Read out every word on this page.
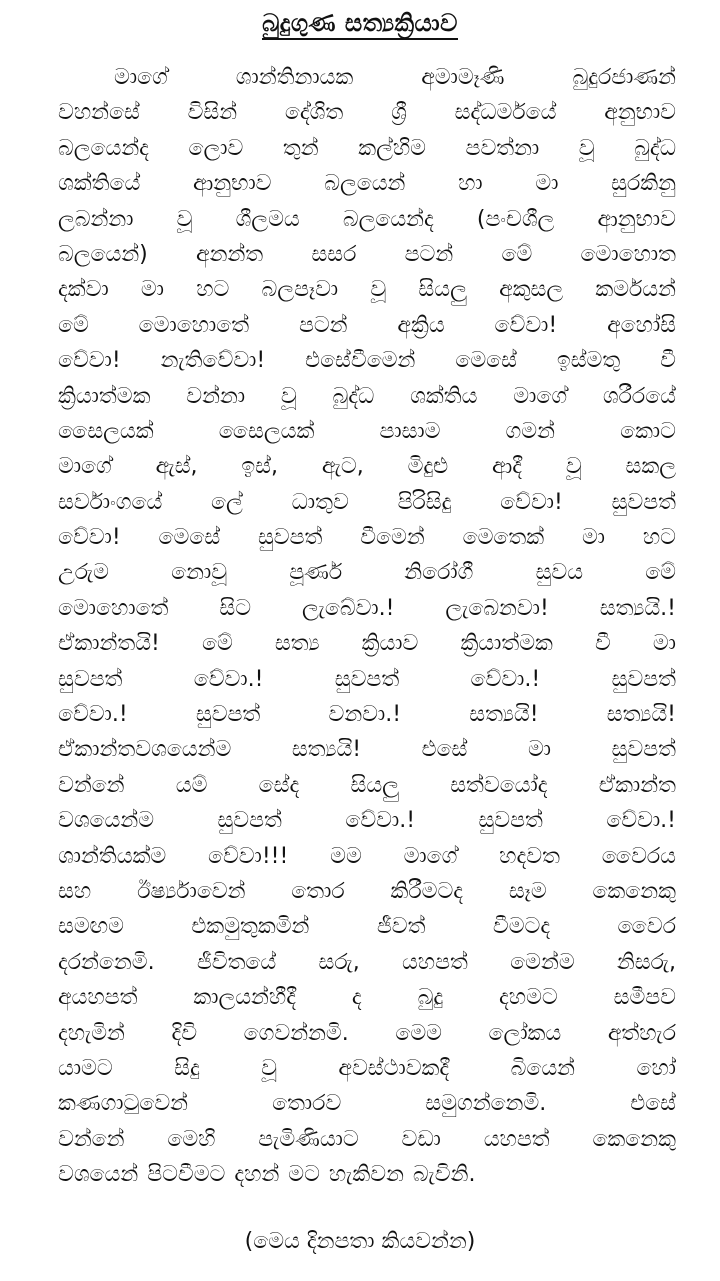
බුදුගුණ සත්‍යක්‍රියාව
මාගේ ශාන්තිනායක අමාමෑණි බුදුරජාණන්
වහන්සේ විසින් දේශිත ශ්‍රී සද්ධර්මයේ අනුභාව
බලයෙන්ද ලොව තුන් කල්හිම පවත්නා වූ බුද්ධ
ශක්තියේ ආනුභාව බලයෙන් හා මා සුරකිනු
ලබන්නා වූ ශීලමය බලයෙන්ද (පංචශීල ආනුභාව
බලයෙන්) අනන්ත සසර පටන් මේ මොහොත
දක්වා මා හට බලපෑවා වූ සියලු අකුසල කර්මයන්
මේ මොහොතේ පටන් අක්‍රිය වේවා! අහෝසි
වේවා! නැතිවේවා! එසේවීමෙන් මෙසේ ඉස්මතු වී
ක්‍රියාත්මක වන්නා වූ බුද්ධ ශක්තිය මාගේ ශරීරයේ
සෛලයක් සෛලයක් පාසාම ගමන් කොට
මාගේ ඇස්, ඉස්, ඇට, මිදුළු ආදී වූ සකල
සර්වාංගයේ ලේ ධාතුව පිරිසිදු වේවා! සුවපත්
වේවා! මෙසේ සුවපත් වීමෙන් මෙතෙක් මා හට
උරුම නොවූ පූර්ණ නිරෝගී සුවය මේ
මොහොතේ සිට ලැබේවා.! ලැබෙනවා! සත්‍යයි.!
ඒකාන්තයි! මේ සත්‍ය ක්‍රියාව ක්‍රියාත්මක වී මා
සුවපත් වේවා.! සුවපත් වේවා.! සුවපත්
වේවා.! සුවපත් වනවා.! සත්‍යයි! සත්‍යයි!
ඒකාන්තවශයෙන්ම සත්‍යයි! එසේ මා සුවපත්
වන්නේ යම් සේද සියලු සත්වයෝද ඒකාන්ත
වශයෙන්ම සුවපත් වේවා.! සුවපත් වේවා.!
ශාන්තියක්ම වේවා!!! මම මාගේ හදවත වෛරය
සහ ඊර්ෂ්‍යාවෙන් තොර කිරීමටද සෑම කෙනෙකු
සමඟම එකමුතුකමින් ජීවත් වීමටද වෛර
දරන්නෙමි. ජීවිතයේ සරු, යහපත් මෙන්ම නිසරු,
අයහපත් කාලයන්හීදී ද බුදු දහමට සමීපව
දහැමින් දිවි ගෙවන්නමි. මෙම ලෝකය අත්හැර
යාමට සිදු වූ අවස්ථාවකදී බියෙන් හෝ
කණගාටුවෙන් තොරව සමුගන්නෙමි. එසේ
වන්නේ මෙහි පැමිණියාට වඩා යහපත් කෙනෙකු
වශයෙන් පිටවීමට දහන් මට හැකිවන බැවිනි.
(මෙය දිනපතා කියවන්න)
